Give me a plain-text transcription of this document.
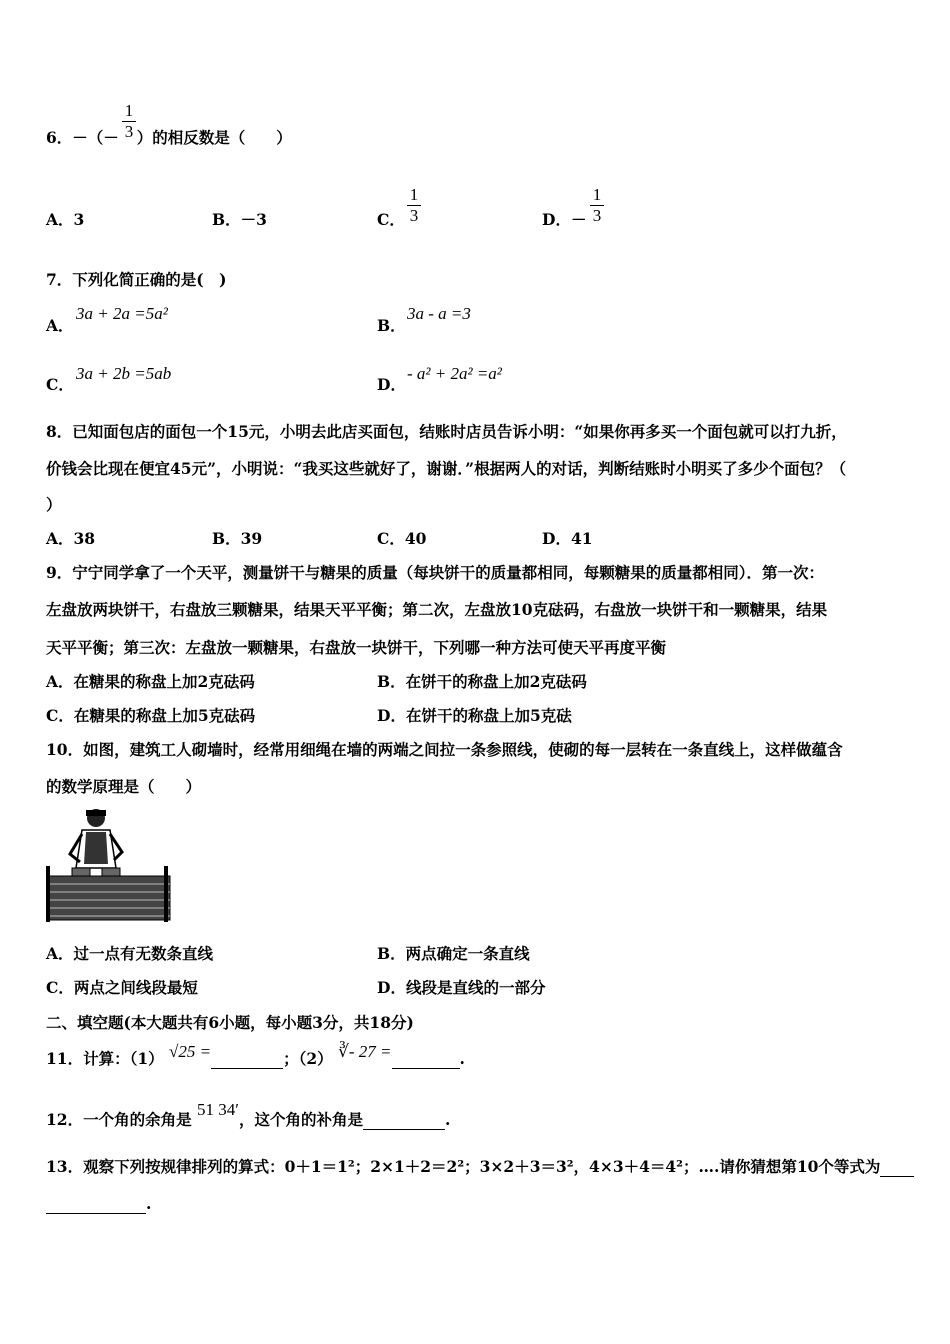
6．－（－ ）的相反数是（　　）
1
3
A．3	B．－3	C．
1
3	D．－
1
3
7．下列化简正确的是(　)
A．
3a + 2a =5a²
B．
3a - a =3
C．
3a + 2b =5ab
D．
- a² + 2a² =a²
8．已知面包店的面包一个15元，小明去此店买面包，结账时店员告诉小明：“如果你再多买一个面包就可以打九折，
价钱会比现在便宜45元”，小明说：“我买这些就好了，谢谢．”根据两人的对话，判断结账时小明买了多少个面包？（
）
A．38	B．39	C．40	D．41
9．宁宁同学拿了一个天平，测量饼干与糖果的质量（每块饼干的质量都相同，每颗糖果的质量都相同）．第一次：
左盘放两块饼干，右盘放三颗糖果，结果天平平衡；第二次，左盘放10克砝码，右盘放一块饼干和一颗糖果，结果
天平平衡；第三次：左盘放一颗糖果，右盘放一块饼干，下列哪一种方法可使天平再度平衡
A．在糖果的称盘上加2克砝码	B．在饼干的称盘上加2克砝码
C．在糖果的称盘上加5克砝码	D．在饼干的称盘上加5克砝
10．如图，建筑工人砌墙时，经常用细绳在墙的两端之间拉一条参照线，使砌的每一层转在一条直线上，这样做蕴含
的数学原理是（　　）
A．过一点有无数条直线	B．两点确定一条直线
C．两点之间线段最短	D．线段是直线的一部分
二、填空题(本大题共有6小题，每小题3分，共18分)
11．计算：（1） √25 =	；（2） ∛- 27 =	.
12．一个角的余角是 51 34′，这个角的补角是	.
13．观察下列按规律排列的算式：0＋1＝1²；2×1＋2＝2²；3×2＋3＝3²，4×3＋4＝4²；….请你猜想第10个等式为
.
